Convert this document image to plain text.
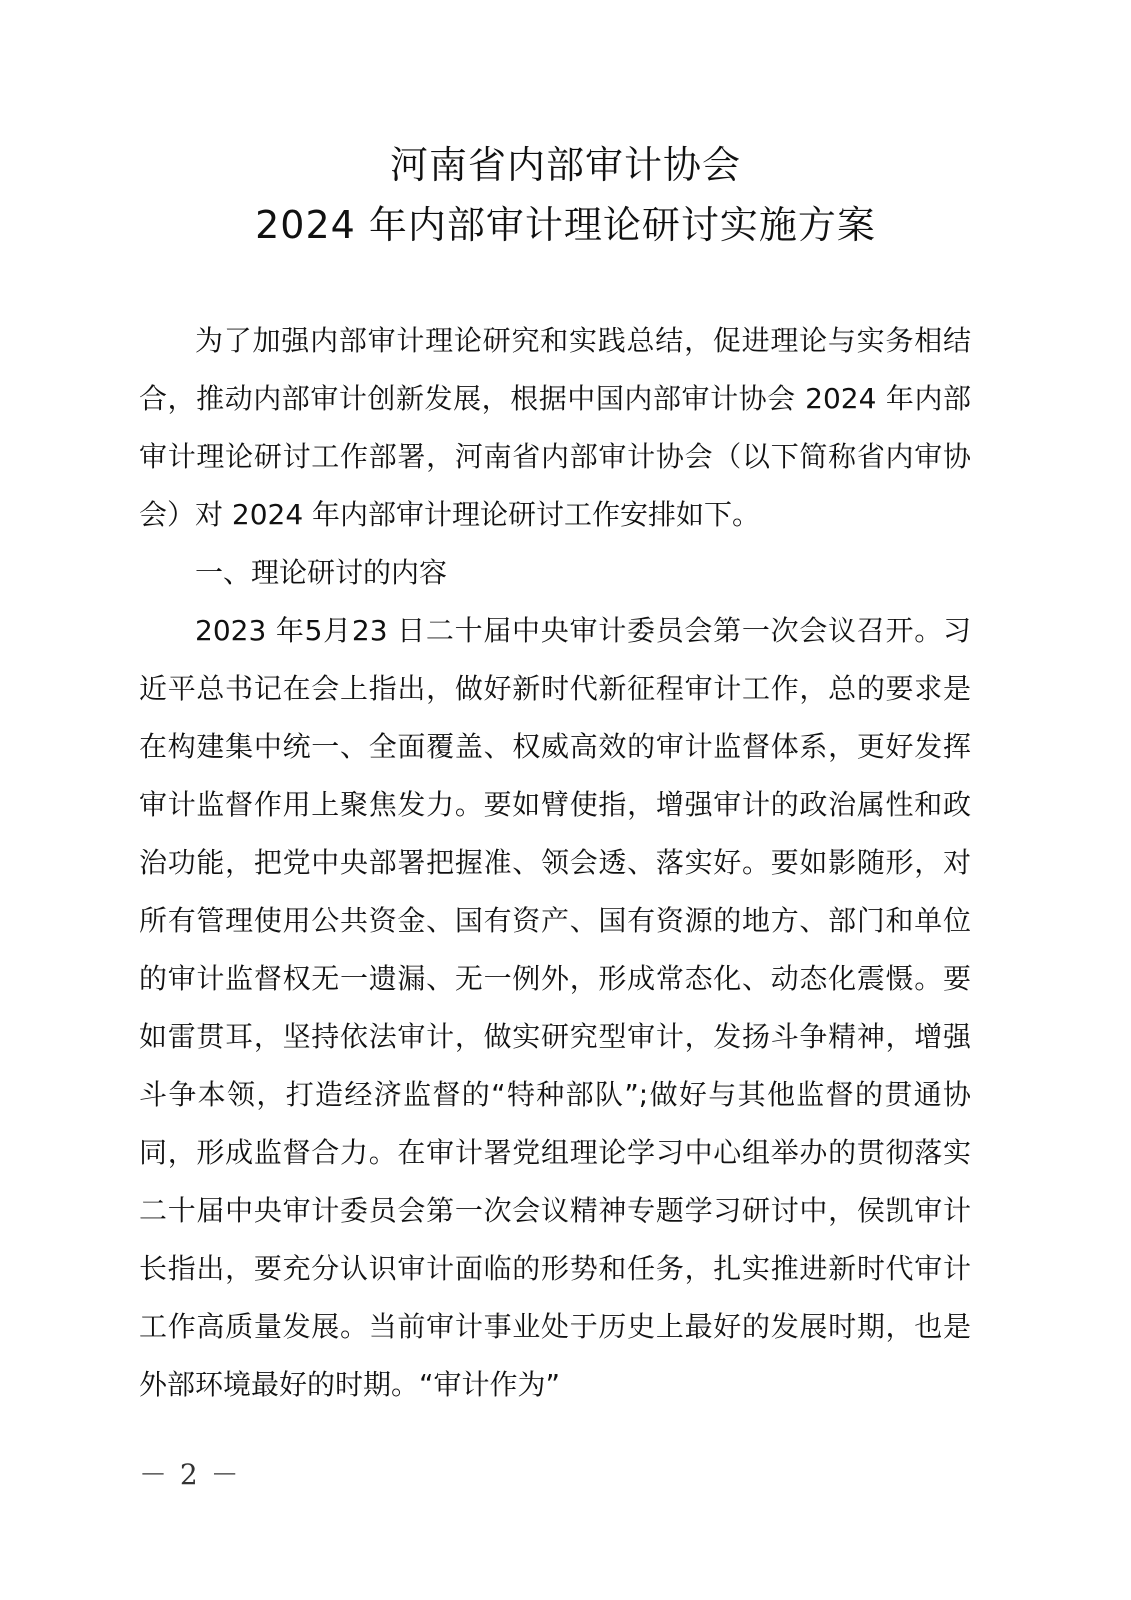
河南省内部审计协会
2024 年内部审计理论研讨实施方案

为了加强内部审计理论研究和实践总结，促进理论与实务相结合，推动内部审计创新发展，根据中国内部审计协会 2024 年内部审计理论研讨工作部署，河南省内部审计协会（以下简称省内审协会）对 2024 年内部审计理论研讨工作安排如下。

一、理论研讨的内容

2023 年5月23 日二十届中央审计委员会第一次会议召开。习近平总书记在会上指出，做好新时代新征程审计工作，总的要求是在构建集中统一、全面覆盖、权威高效的审计监督体系，更好发挥审计监督作用上聚焦发力。要如臂使指，增强审计的政治属性和政治功能，把党中央部署把握准、领会透、落实好。要如影随形，对所有管理使用公共资金、国有资产、国有资源的地方、部门和单位的审计监督权无一遗漏、无一例外，形成常态化、动态化震慑。要如雷贯耳，坚持依法审计，做实研究型审计，发扬斗争精神，增强斗争本领，打造经济监督的“特种部队”;做好与其他监督的贯通协同，形成监督合力。在审计署党组理论学习中心组举办的贯彻落实二十届中央审计委员会第一次会议精神专题学习研讨中，侯凯审计长指出，要充分认识审计面临的形势和任务，扎实推进新时代审计工作高质量发展。当前审计事业处于历史上最好的发展时期，也是外部环境最好的时期。“审计作为”

－ 2 －
